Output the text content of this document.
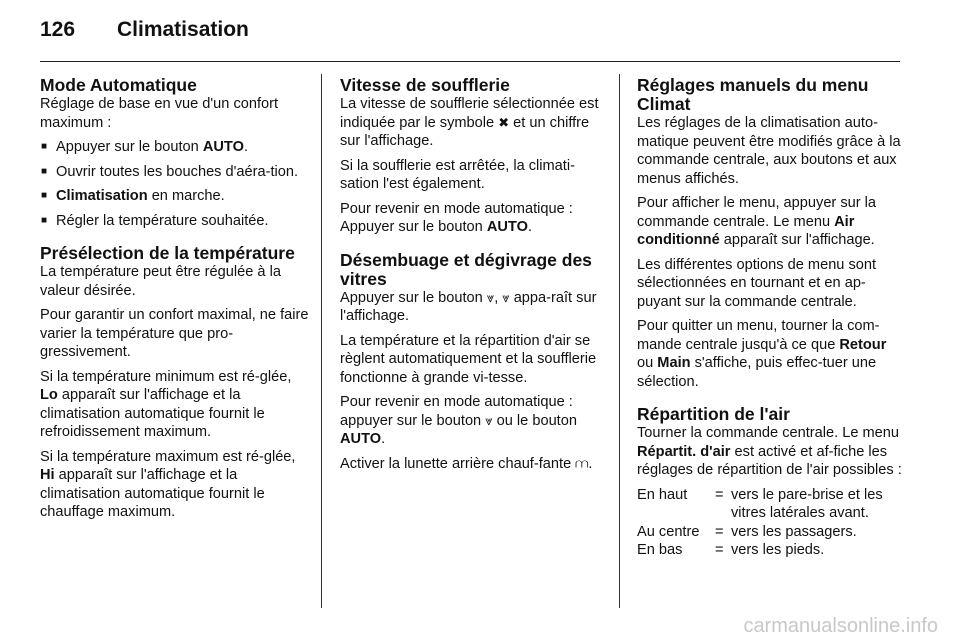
126 Climatisation
Mode Automatique

Réglage de base en vue d'un confort maximum :

■ Appuyer sur le bouton AUTO.
■ Ouvrir toutes les bouches d'aéra-tion.
■ Climatisation en marche.
■ Régler la température souhaitée.
Présélection de la température

La température peut être régulée à la valeur désirée.

Pour garantir un confort maximal, ne faire varier la température que pro-gressivement.

Si la température minimum est ré-glée, Lo apparaît sur l'affichage et la climatisation automatique fournit le refroidissement maximum.

Si la température maximum est ré-glée, Hi apparaît sur l'affichage et la climatisation automatique fournit le chauffage maximum.

Vitesse de soufflerie

La vitesse de soufflerie sélectionnée est indiquée par le symbole ✖ et un chiffre sur l'affichage.

Si la soufflerie est arrêtée, la climati-sation l'est également.

Pour revenir en mode automatique : Appuyer sur le bouton AUTO.

Désembuage et dégivrage des vitres

Appuyer sur le bouton ⩔, ⩔ appa-raît sur l'affichage.

La température et la répartition d'air se règlent automatiquement et la soufflerie fonctionne à grande vi-tesse.

Pour revenir en mode automatique : appuyer sur le bouton ⩔ ou le bouton AUTO.

Activer la lunette arrière chauf-fante ⩋.

Réglages manuels du menu Climat

Les réglages de la climatisation auto-matique peuvent être modifiés grâce à la commande centrale, aux boutons et aux menus affichés.

Pour afficher le menu, appuyer sur la commande centrale. Le menu Air conditionné apparaît sur l'affichage.

Les différentes options de menu sont sélectionnées en tournant et en ap-puyant sur la commande centrale.

Pour quitter un menu, tourner la com-mande centrale jusqu'à ce que Retour ou Main s'affiche, puis effec-tuer une sélection.

Répartition de l'air

Tourner la commande centrale. Le menu Répartit. d'air est activé et af-fiche les réglages de répartition de l'air possibles :

En haut	=	vers le pare-brise et les vitres latérales avant.
Au centre	=	vers les passagers.
En bas	=	vers les pieds.
carmanualsonline.info
